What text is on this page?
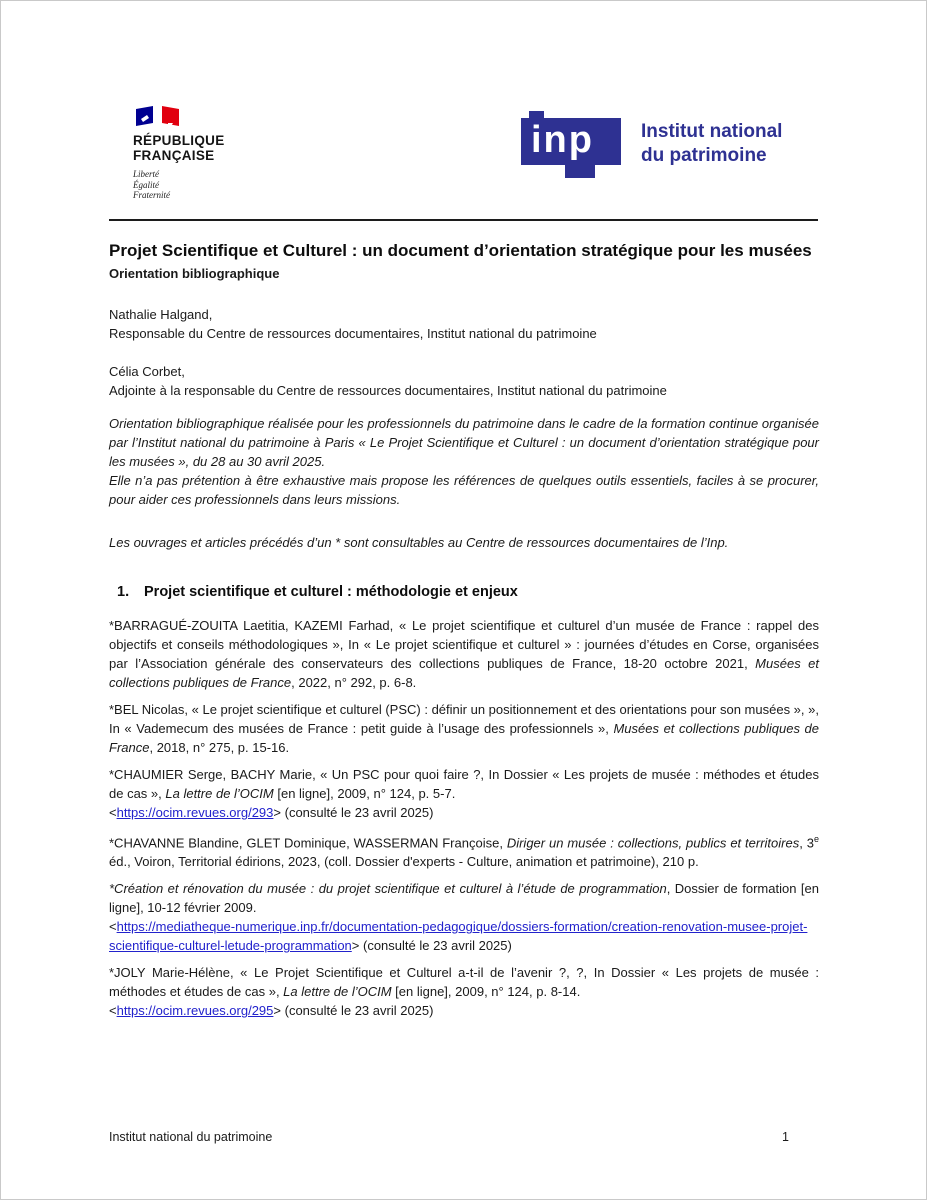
RÉPUBLIQUE
FRANÇAISE
Liberté
Égalité
Fraternité
inp	Institut national
du patrimoine
Projet Scientifique et Culturel : un document d’orientation stratégique pour les musées
Orientation bibliographique
Nathalie Halgand,
Responsable du Centre de ressources documentaires, Institut national du patrimoine
Célia Corbet,
Adjointe à la responsable du Centre de ressources documentaires, Institut national du patrimoine

Orientation bibliographique réalisée pour les professionnels du patrimoine dans le cadre de la formation continue organisée par l’Institut national du patrimoine à Paris « Le Projet Scientifique et Culturel : un document d’orientation stratégique pour les musées », du 28 au 30 avril 2025.

Elle n’a pas prétention à être exhaustive mais propose les références de quelques outils essentiels, faciles à se procurer, pour aider ces professionnels dans leurs missions.

Les ouvrages et articles précédés d’un * sont consultables au Centre de ressources documentaires de l’Inp.

1.	Projet scientifique et culturel : méthodologie et enjeux

*BARRAGUÉ-ZOUITA Laetitia, KAZEMI Farhad, « Le projet scientifique et culturel d’un musée de France : rappel des objectifs et conseils méthodologiques », In « Le projet scientifique et culturel » : journées d’études en Corse, organisées par l’Association générale des conservateurs des collections publiques de France, 18-20 octobre 2021, Musées et collections publiques de France, 2022, n° 292, p. 6-8.

*BEL Nicolas, « Le projet scientifique et culturel (PSC) : définir un positionnement et des orientations pour son musées », », In « Vademecum des musées de France : petit guide à l’usage des professionnels », Musées et collections publiques de France, 2018, n° 275, p. 15-16.

*CHAUMIER Serge, BACHY Marie, « Un PSC pour quoi faire ?, In Dossier « Les projets de musée : méthodes et études de cas », La lettre de l’OCIM [en ligne], 2009, n° 124, p. 5-7.
<https://ocim.revues.org/293> (consulté le 23 avril 2025)

*CHAVANNE Blandine, GLET Dominique, WASSERMAN Françoise, Diriger un musée : collections, publics et territoires, 3e éd., Voiron, Territorial édirions, 2023, (coll. Dossier d'experts - Culture, animation et patrimoine), 210 p.

*Création et rénovation du musée : du projet scientifique et culturel à l’étude de programmation, Dossier de formation [en ligne], 10-12 février 2009.
<https://mediatheque-numerique.inp.fr/documentation-pedagogique/dossiers-formation/creation-renovation-musee-projet-scientifique-culturel-letude-programmation> (consulté le 23 avril 2025)

*JOLY Marie-Hélène, « Le Projet Scientifique et Culturel a-t-il de l’avenir ?, ?, In Dossier « Les projets de musée : méthodes et études de cas », La lettre de l’OCIM [en ligne], 2009, n° 124, p. 8-14.
<https://ocim.revues.org/295> (consulté le 23 avril 2025)

Institut national du patrimoine	1
